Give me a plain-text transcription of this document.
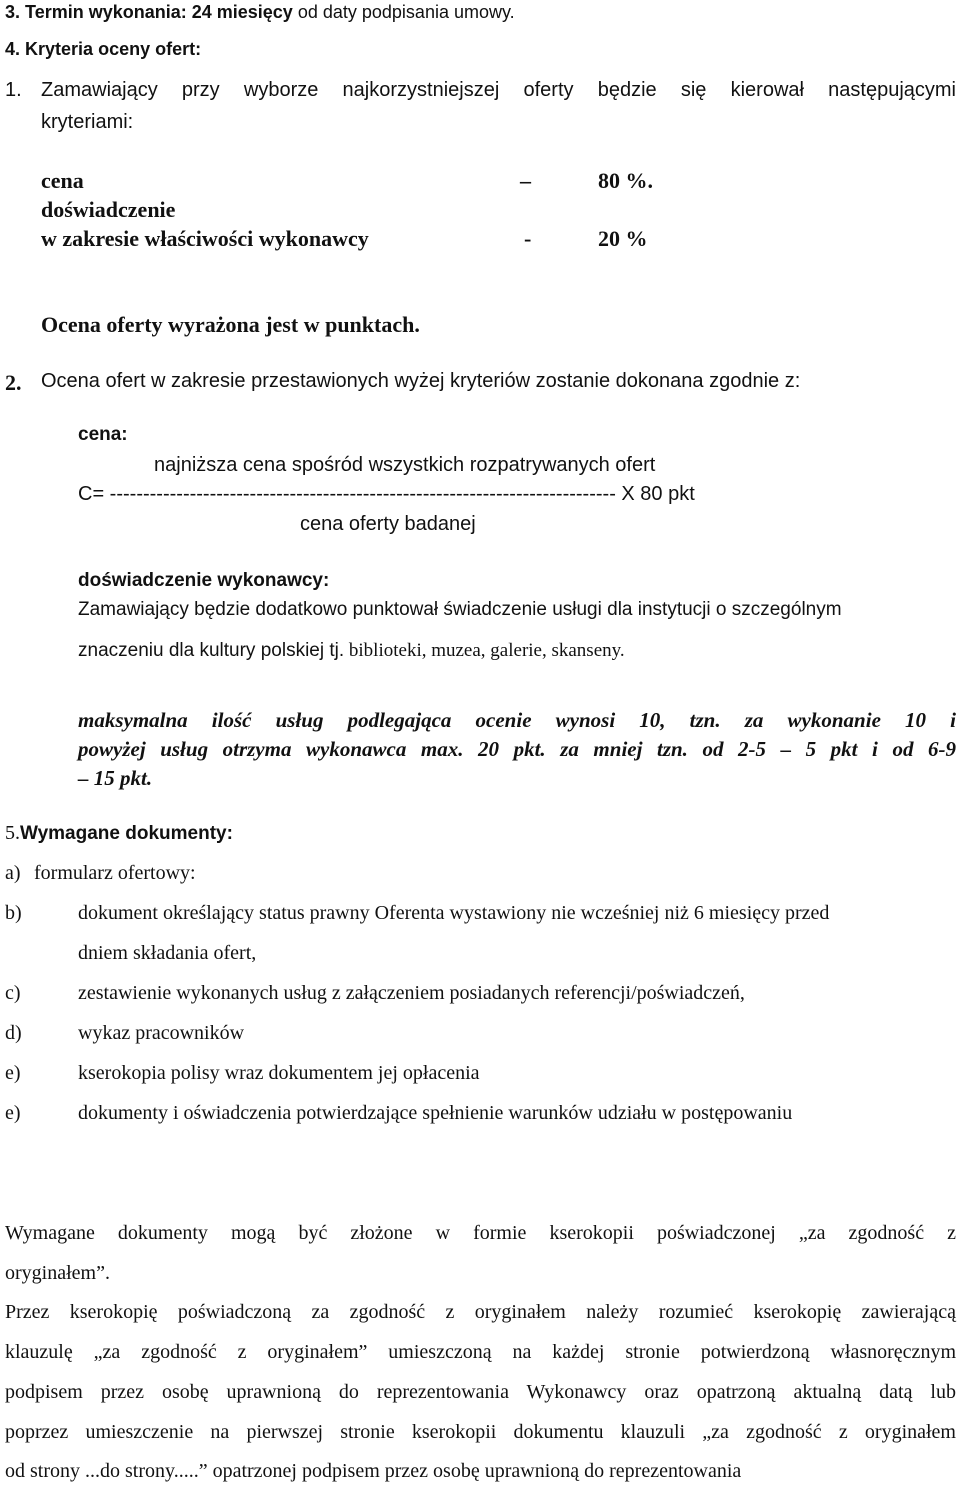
3. Termin wykonania: 24 miesięcy od daty podpisania umowy.
4. Kryteria oceny ofert:
1. Zamawiający przy wyborze najkorzystniejszej oferty będzie się kierował następującymi
kryteriami:
cena	–	80 %.
doświadczenie
w zakresie właściwości wykonawcy	-	20 %
Ocena oferty wyrażona jest w punktach.
2. Ocena ofert w zakresie przestawionych wyżej kryteriów zostanie dokonana zgodnie z:
cena:
najniższa cena spośród wszystkich rozpatrywanych ofert
C= ---------------------------------------------------------------------------- X 80 pkt
cena oferty badanej
doświadczenie wykonawcy:
Zamawiający będzie dodatkowo punktował świadczenie usługi dla instytucji o szczególnym
znaczeniu dla kultury polskiej tj. biblioteki, muzea, galerie, skanseny.
maksymalna ilość usług podlegająca ocenie wynosi 10, tzn. za wykonanie 10 i
powyżej usług otrzyma wykonawca max. 20 pkt. za mniej tzn. od 2-5 – 5 pkt i od 6-9
– 15 pkt.
5.Wymagane dokumenty:
a) formularz ofertowy:
b)	dokument określający status prawny Oferenta wystawiony nie wcześniej niż 6 miesięcy przed
dniem składania ofert,
c)	zestawienie wykonanych usług z załączeniem posiadanych referencji/poświadczeń,
d)	wykaz pracowników
e)	kserokopia polisy wraz dokumentem jej opłacenia
e)	dokumenty i oświadczenia potwierdzające spełnienie warunków udziału w postępowaniu
Wymagane dokumenty mogą być złożone w formie kserokopii poświadczonej „za zgodność z
oryginałem”.
Przez kserokopię poświadczoną za zgodność z oryginałem należy rozumieć kserokopię zawierającą
klauzulę „za zgodność z oryginałem” umieszczoną na każdej stronie potwierdzoną własnoręcznym
podpisem przez osobę uprawnioną do reprezentowania Wykonawcy oraz opatrzoną aktualną datą lub
poprzez umieszczenie na pierwszej stronie kserokopii dokumentu klauzuli „za zgodność z oryginałem
od strony ...do strony.....” opatrzonej podpisem przez osobę uprawnioną do reprezentowania
